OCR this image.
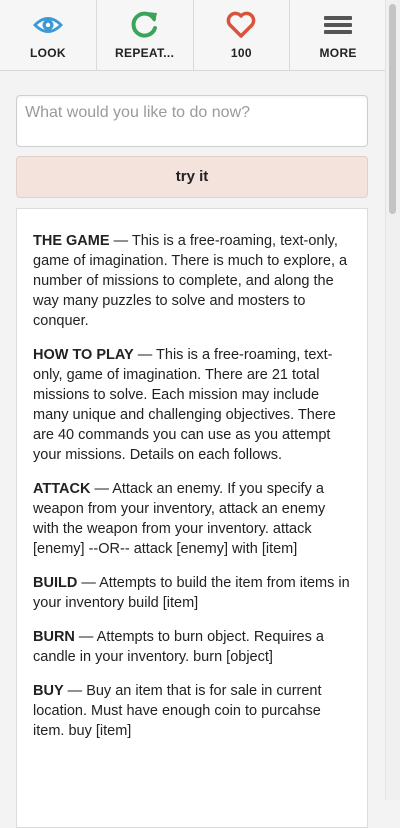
LOOK	REPEAT...	100	MORE
What would you like to do now?
try it
THE GAME — This is a free-roaming, text-only, game of imagination. There is much to explore, a number of missions to complete, and along the way many puzzles to solve and mosters to conquer.
HOW TO PLAY — This is a free-roaming, text-only, game of imagination. There are 21 total missions to solve. Each mission may include many unique and challenging objectives. There are 40 commands you can use as you attempt your missions. Details on each follows.
ATTACK — Attack an enemy. If you specify a weapon from your inventory, attack an enemy with the weapon from your inventory. attack [enemy] --OR-- attack [enemy] with [item]
BUILD — Attempts to build the item from items in your inventory build [item]
BURN — Attempts to burn object. Requires a candle in your inventory. burn [object]
BUY — Buy an item that is for sale in current location. Must have enough coin to purcahse item. buy [item]
